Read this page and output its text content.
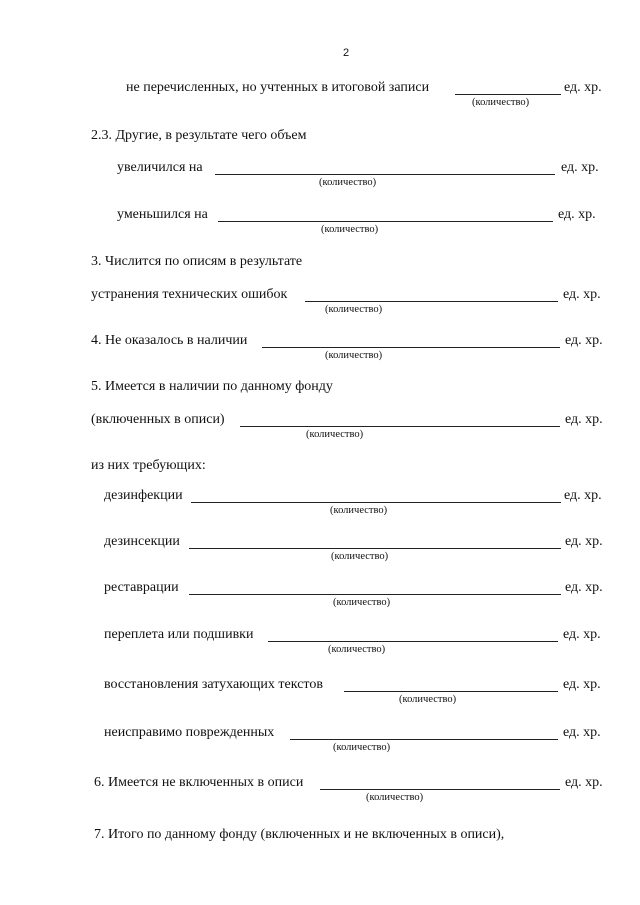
2
не перечисленных, но учтенных в итоговой записи	ед. хр.
(количество)
2.3. Другие, в результате чего объем
увеличился на	ед. хр.
(количество)
уменьшился на	ед. хр.
(количество)
3. Числится по описям в результате
устранения технических ошибок	ед. хр.
(количество)
4. Не оказалось в наличии	ед. хр.
(количество)
5. Имеется в наличии по данному фонду
(включенных в описи)	ед. хр.
(количество)
из них требующих:
дезинфекции	ед. хр.
(количество)
дезинсекции	ед. хр.
(количество)
реставрации	ед. хр.
(количество)
переплета или подшивки	ед. хр.
(количество)
восстановления затухающих текстов	ед. хр.
(количество)
неисправимо поврежденных	ед. хр.
(количество)
6. Имеется не включенных в описи	ед. хр.
(количество)
7. Итого по данному фонду (включенных и не включенных в описи),
